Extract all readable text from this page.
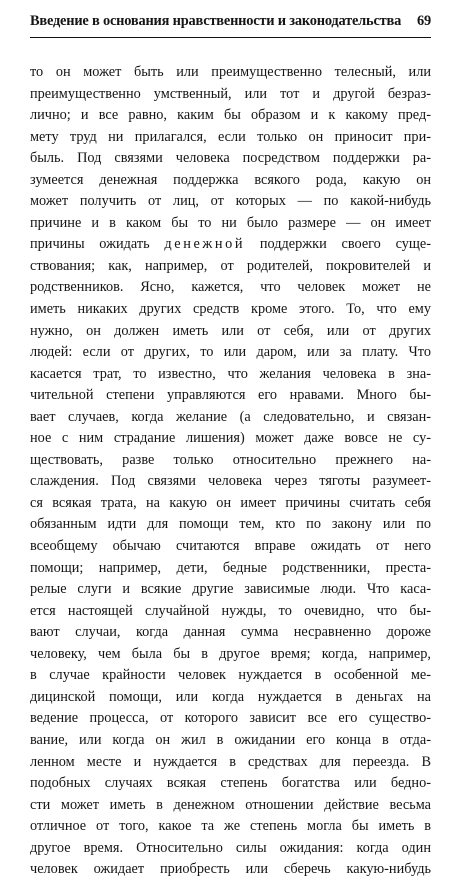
Введение в основания нравственности и законодательства	69
то он может быть или преимущественно телесный, или
преимущественно умственный, или тот и другой безраз-
лично; и все равно, каким бы образом и к какому пред-
мету труд ни прилагался, если только он приносит при-
быль. Под связями человека посредством поддержки ра-
зумеется денежная поддержка всякого рода, какую он
может получить от лиц, от которых — по какой-нибудь
причине и в каком бы то ни было размере — он имеет
причины ожидать денежной поддержки своего суще-
ствования; как, например, от родителей, покровителей и
родственников. Ясно, кажется, что человек может не
иметь никаких других средств кроме этого. То, что ему
нужно, он должен иметь или от себя, или от других
людей: если от других, то или даром, или за плату. Что
касается трат, то известно, что желания человека в зна-
чительной степени управляются его нравами. Много бы-
вает случаев, когда желание (а следовательно, и связан-
ное с ним страдание лишения) может даже вовсе не су-
ществовать, разве только относительно прежнего на-
слаждения. Под связями человека через тяготы разумеет-
ся всякая трата, на какую он имеет причины считать себя
обязанным идти для помощи тем, кто по закону или по
всеобщему обычаю считаются вправе ожидать от него
помощи; например, дети, бедные родственники, преста-
релые слуги и всякие другие зависимые люди. Что каса-
ется настоящей случайной нужды, то очевидно, что бы-
вают случаи, когда данная сумма несравненно дороже
человеку, чем была бы в другое время; когда, например,
в случае крайности человек нуждается в особенной ме-
дицинской помощи, или когда нуждается в деньгах на
ведение процесса, от которого зависит все его существо-
вание, или когда он жил в ожидании его конца в отда-
ленном месте и нуждается в средствах для переезда. В
подобных случаях всякая степень богатства или бедно-
сти может иметь в денежном отношении действие весьма
отличное от того, какое та же степень могла бы иметь в
другое время. Относительно силы ожидания: когда один
человек ожидает приобресть или сберечь какую-нибудь
